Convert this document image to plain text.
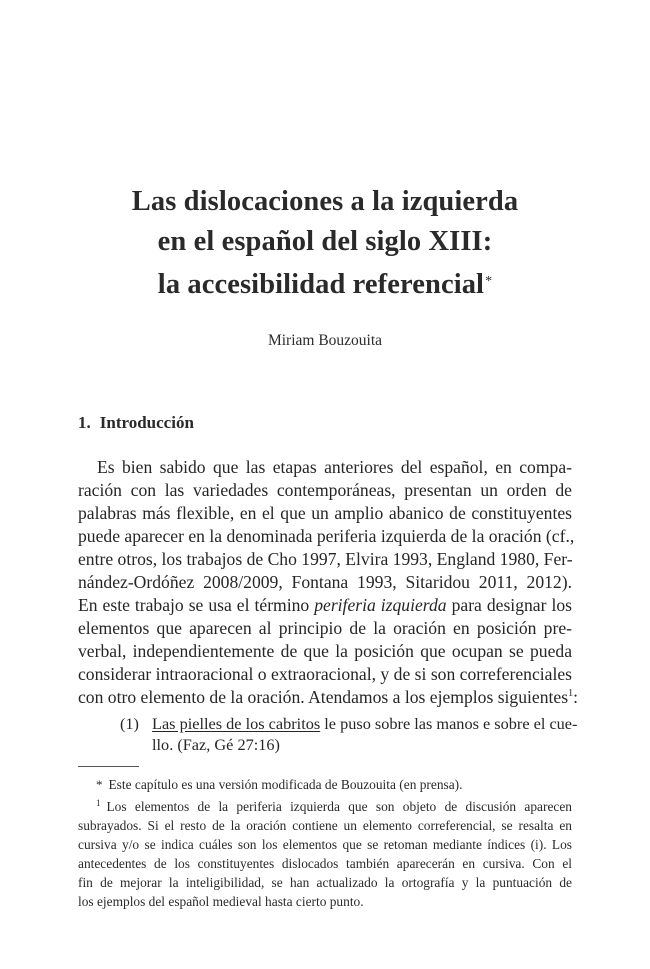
Las dislocaciones a la izquierda
en el español del siglo XIII:
la accesibilidad referencial*
Miriam Bouzouita
1. Introducción
Es bien sabido que las etapas anteriores del español, en compa-
ración con las variedades contemporáneas, presentan un orden de
palabras más flexible, en el que un amplio abanico de constituyentes
puede aparecer en la denominada periferia izquierda de la oración (cf.,
entre otros, los trabajos de Cho 1997, Elvira 1993, England 1980, Fer-
nández-Ordóñez 2008/2009, Fontana 1993, Sitaridou 2011, 2012).
En este trabajo se usa el término periferia izquierda para designar los
elementos que aparecen al principio de la oración en posición pre-
verbal, independientemente de que la posición que ocupan se pueda
considerar intraoracional o extraoracional, y de si son correferenciales
con otro elemento de la oración. Atendamos a los ejemplos siguientes$^1$:
(1) Las pielles de los cabritos le puso sobre las manos e sobre el cue-
llo. (Faz, Gé 27:16)
* Este capítulo es una versión modificada de Bouzouita (en prensa).
$^1$ Los elementos de la periferia izquierda que son objeto de discusión aparecen
subrayados. Si el resto de la oración contiene un elemento correferencial, se resalta en
cursiva y/o se indica cuáles son los elementos que se retoman mediante índices (i). Los
antecedentes de los constituyentes dislocados también aparecerán en cursiva. Con el
fin de mejorar la inteligibilidad, se han actualizado la ortografía y la puntuación de
los ejemplos del español medieval hasta cierto punto.
